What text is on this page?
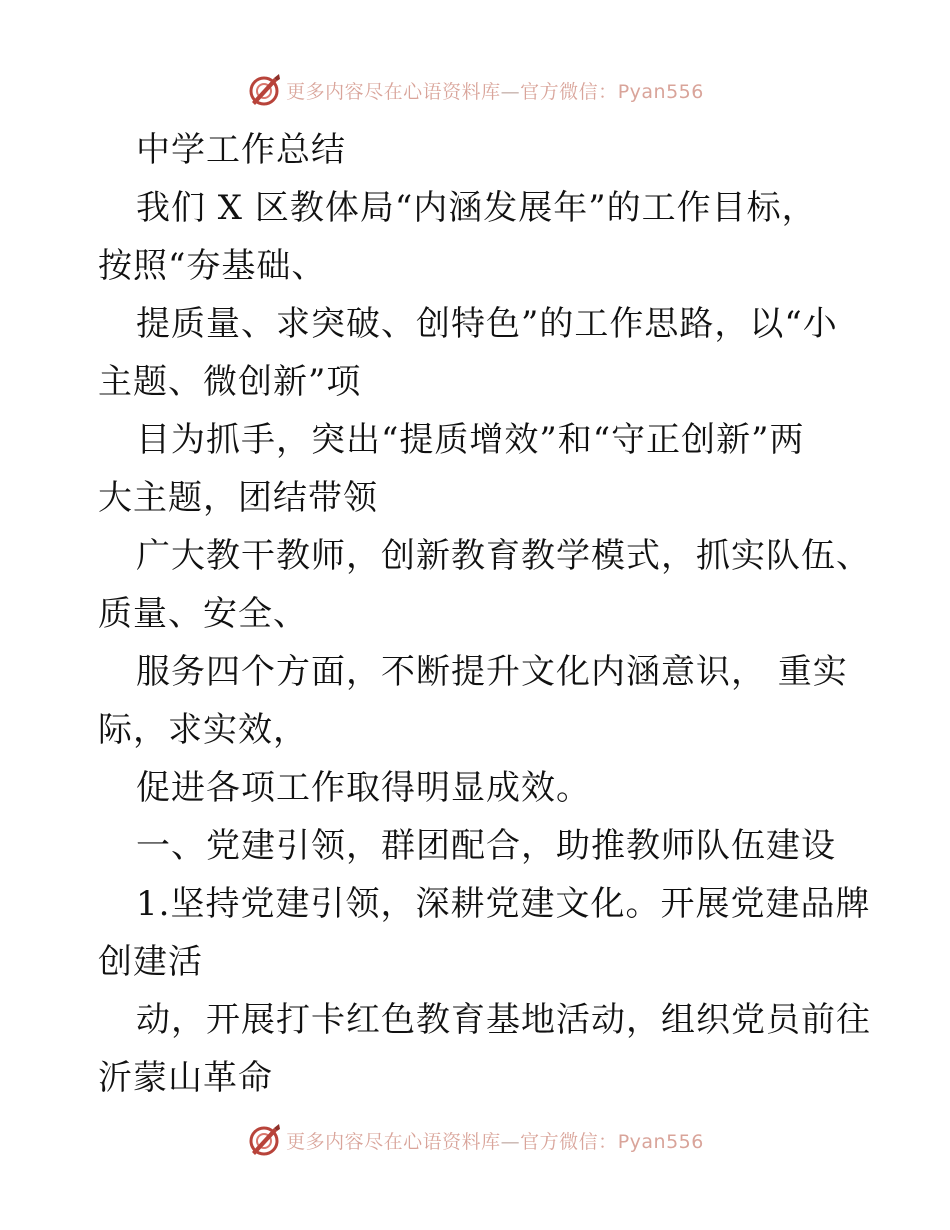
更多内容尽在心语资料库—官方微信：Pyan556
中学工作总结
我们 X 区教体局“内涵发展年”的工作目标，
按照“夯基础、
提质量、求突破、创特色”的工作思路，以“小
主题、微创新”项
目为抓手，突出“提质增效”和“守正创新”两
大主题，团结带领
广大教干教师，创新教育教学模式，抓实队伍、
质量、安全、
服务四个方面，不断提升文化内涵意识， 重实
际，求实效，
促进各项工作取得明显成效。
一、党建引领，群团配合，助推教师队伍建设
1.坚持党建引领，深耕党建文化。开展党建品牌
创建活
动，开展打卡红色教育基地活动，组织党员前往
沂蒙山革命
更多内容尽在心语资料库—官方微信：Pyan556
